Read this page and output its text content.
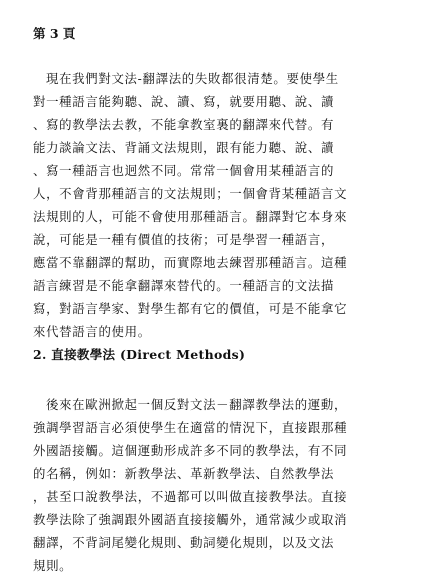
第 3 頁
現在我們對文法-翻譯法的失敗都很清楚。要使學生
對一種語言能夠聽、說、讀、寫，就要用聽、說、讀
、寫的教學法去教，不能拿教室裏的翻譯來代替。有
能力談論文法、背誦文法規則，跟有能力聽、說、讀
、寫一種語言也迥然不同。常常一個會用某種語言的
人，不會背那種語言的文法規則；一個會背某種語言文
法規則的人，可能不會使用那種語言。翻譯對它本身來
說，可能是一種有價值的技術；可是學習一種語言，
應當不靠翻譯的幫助，而實際地去練習那種語言。這種
語言練習是不能拿翻譯來替代的。一種語言的文法描
寫，對語言學家、對學生都有它的價值，可是不能拿它
來代替語言的使用。
2. 直接教學法 (Direct Methods)
後來在歐洲掀起一個反對文法－翻譯教學法的運動，
強調學習語言必須使學生在適當的情況下，直接跟那種
外國語接觸。這個運動形成許多不同的教學法，有不同
的名稱，例如：新教學法、革新教學法、自然教學法
，甚至口說教學法，不過都可以叫做直接教學法。直接
教學法除了強調跟外國語直接接觸外，通常減少或取消
翻譯，不背詞尾變化規則、動詞變化規則，以及文法
規則。
